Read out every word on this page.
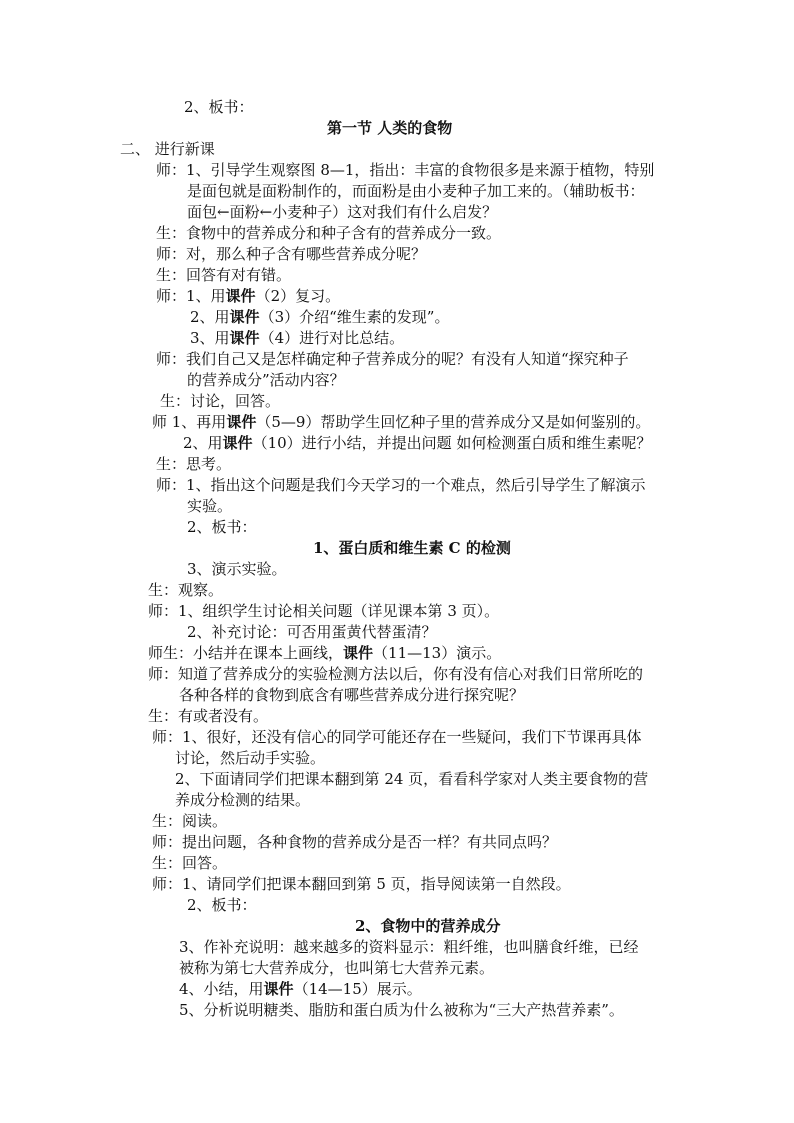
2、板书：
第一节 人类的食物
二、 进行新课
师：1、引导学生观察图 8—1，指出：丰富的食物很多是来源于植物，特别
是面包就是面粉制作的，而面粉是由小麦种子加工来的。（辅助板书：
面包←面粉←小麦种子）这对我们有什么启发？
生：食物中的营养成分和种子含有的营养成分一致。
师：对，那么种子含有哪些营养成分呢？
生：回答有对有错。
师：1、用课件（2）复习。
2、用课件（3）介绍“维生素的发现”。
3、用课件（4）进行对比总结。
师：我们自己又是怎样确定种子营养成分的呢？有没有人知道“探究种子
的营养成分”活动内容？
生：讨论，回答。
师 1、再用课件（5—9）帮助学生回忆种子里的营养成分又是如何鉴别的。
2、用课件（10）进行小结，并提出问题 如何检测蛋白质和维生素呢？
生：思考。
师：1、指出这个问题是我们今天学习的一个难点，然后引导学生了解演示
实验。
2、板书：
1、蛋白质和维生素 C 的检测
3、演示实验。
生：观察。
师：1、组织学生讨论相关问题（详见课本第 3 页）。
2、补充讨论：可否用蛋黄代替蛋清？
师生：小结并在课本上画线，课件（11—13）演示。
师：知道了营养成分的实验检测方法以后，你有没有信心对我们日常所吃的
各种各样的食物到底含有哪些营养成分进行探究呢？
生：有或者没有。
师：1、很好，还没有信心的同学可能还存在一些疑问，我们下节课再具体
讨论，然后动手实验。
2、下面请同学们把课本翻到第 24 页，看看科学家对人类主要食物的营
养成分检测的结果。
生：阅读。
师：提出问题，各种食物的营养成分是否一样？有共同点吗？
生：回答。
师：1、请同学们把课本翻回到第 5 页，指导阅读第一自然段。
2、板书：
2、食物中的营养成分
3、作补充说明：越来越多的资料显示：粗纤维，也叫膳食纤维，已经
被称为第七大营养成分，也叫第七大营养元素。
4、小结，用课件（14—15）展示。
5、分析说明糖类、脂肪和蛋白质为什么被称为“三大产热营养素”。
